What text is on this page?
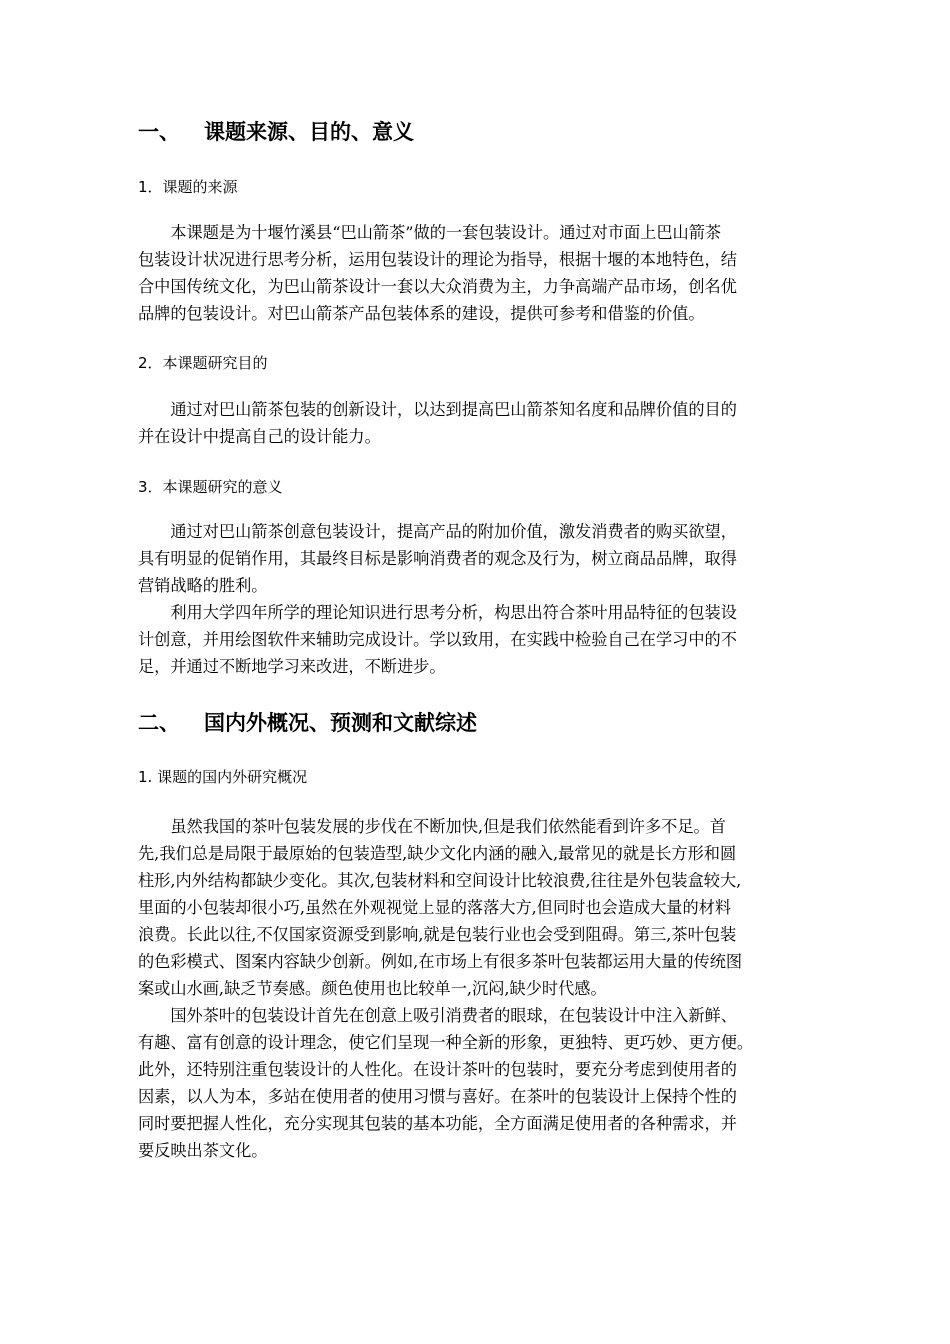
一、 课题来源、目的、意义
1．课题的来源

　　本课题是为十堰竹溪县“巴山箭茶”做的一套包装设计。通过对市面上巴山箭茶
包装设计状况进行思考分析，运用包装设计的理论为指导，根据十堰的本地特色，结
合中国传统文化，为巴山箭茶设计一套以大众消费为主，力争高端产品市场，创名优
品牌的包装设计。对巴山箭茶产品包装体系的建设，提供可参考和借鉴的价值。

2．本课题研究目的

　　通过对巴山箭茶包装的创新设计，以达到提高巴山箭茶知名度和品牌价值的目的
并在设计中提高自己的设计能力。

3．本课题研究的意义

　　通过对巴山箭茶创意包装设计，提高产品的附加价值，激发消费者的购买欲望，
具有明显的促销作用，其最终目标是影响消费者的观念及行为，树立商品品牌，取得
营销战略的胜利。

　　利用大学四年所学的理论知识进行思考分析，构思出符合茶叶用品特征的包装设
计创意，并用绘图软件来辅助完成设计。学以致用，在实践中检验自己在学习中的不
足，并通过不断地学习来改进，不断进步。

二、 国内外概况、预测和文献综述
1. 课题的国内外研究概况

　　虽然我国的茶叶包装发展的步伐在不断加快,但是我们依然能看到许多不足。首
先,我们总是局限于最原始的包装造型,缺少文化内涵的融入,最常见的就是长方形和圆
柱形,内外结构都缺少变化。其次,包装材料和空间设计比较浪费,往往是外包装盒较大,
里面的小包装却很小巧,虽然在外观视觉上显的落落大方,但同时也会造成大量的材料
浪费。长此以往,不仅国家资源受到影响,就是包装行业也会受到阻碍。第三,茶叶包装
的色彩模式、图案内容缺少创新。例如,在市场上有很多茶叶包装都运用大量的传统图
案或山水画,缺乏节奏感。颜色使用也比较单一,沉闷,缺少时代感。

　　国外茶叶的包装设计首先在创意上吸引消费者的眼球，在包装设计中注入新鲜、
有趣、富有创意的设计理念，使它们呈现一种全新的形象，更独特、更巧妙、更方便。
此外，还特别注重包装设计的人性化。在设计茶叶的包装时，要充分考虑到使用者的
因素，以人为本，多站在使用者的使用习惯与喜好。在茶叶的包装设计上保持个性的
同时要把握人性化，充分实现其包装的基本功能，全方面满足使用者的各种需求，并
要反映出茶文化。
